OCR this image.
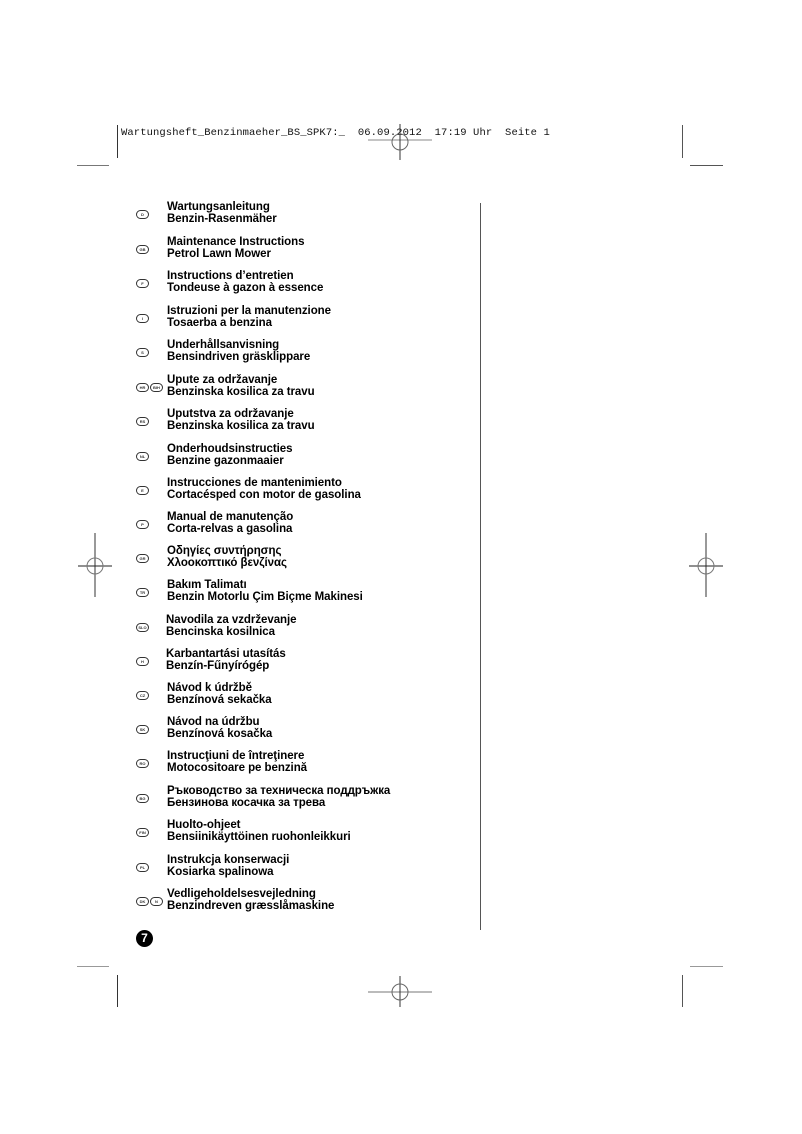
Wartungsheft_Benzinmaeher_BS_SPK7:_  06.09.2012  17:19 Uhr  Seite 1
D
Wartungsanleitung
Benzin-Rasenmäher
GB
Maintenance Instructions
Petrol Lawn Mower
F
Instructions d’entretien
Tondeuse à gazon à essence
I
Istruzioni per la manutenzione
Tosaerba a benzina
S
Underhållsanvisning
Bensindriven gräsklippare
HR	BIH
Upute za održavanje
Benzinska kosilica za travu
RS
Uputstva za održavanje
Benzinska kosilica za travu
NL
Onderhoudsinstructies
Benzine gazonmaaier
E
Instrucciones de mantenimiento
Cortacésped con motor de gasolina
P
Manual de manutenção
Corta-relvas a gasolina
GR
Οδηγίες συντήρησης
Χλοοκοπτικό βενζίνας
TR
Bakım Talimatı
Benzin Motorlu Çim Biçme Makinesi
SLO
Navodila za vzdrževanje
Bencinska kosilnica
H
Karbantartási utasítás
Benzín-Fűnyírógép
CZ
Návod k údržbě
Benzínová sekačka
SK
Návod na údržbu
Benzínová kosačka
RO
Instrucţiuni de întreţinere
Motocositoare pe benzină
BG
Ръководство за техническа поддръжка
Бензинова косачка за трева
FIN
Huolto-ohjeet
Bensiinikäyttöinen ruohonleikkuri
PL
Instrukcja konserwacji
Kosiarka spalinowa
DK	N
Vedligeholdelsesvejledning
Benzindreven græsslåmaskine
7
